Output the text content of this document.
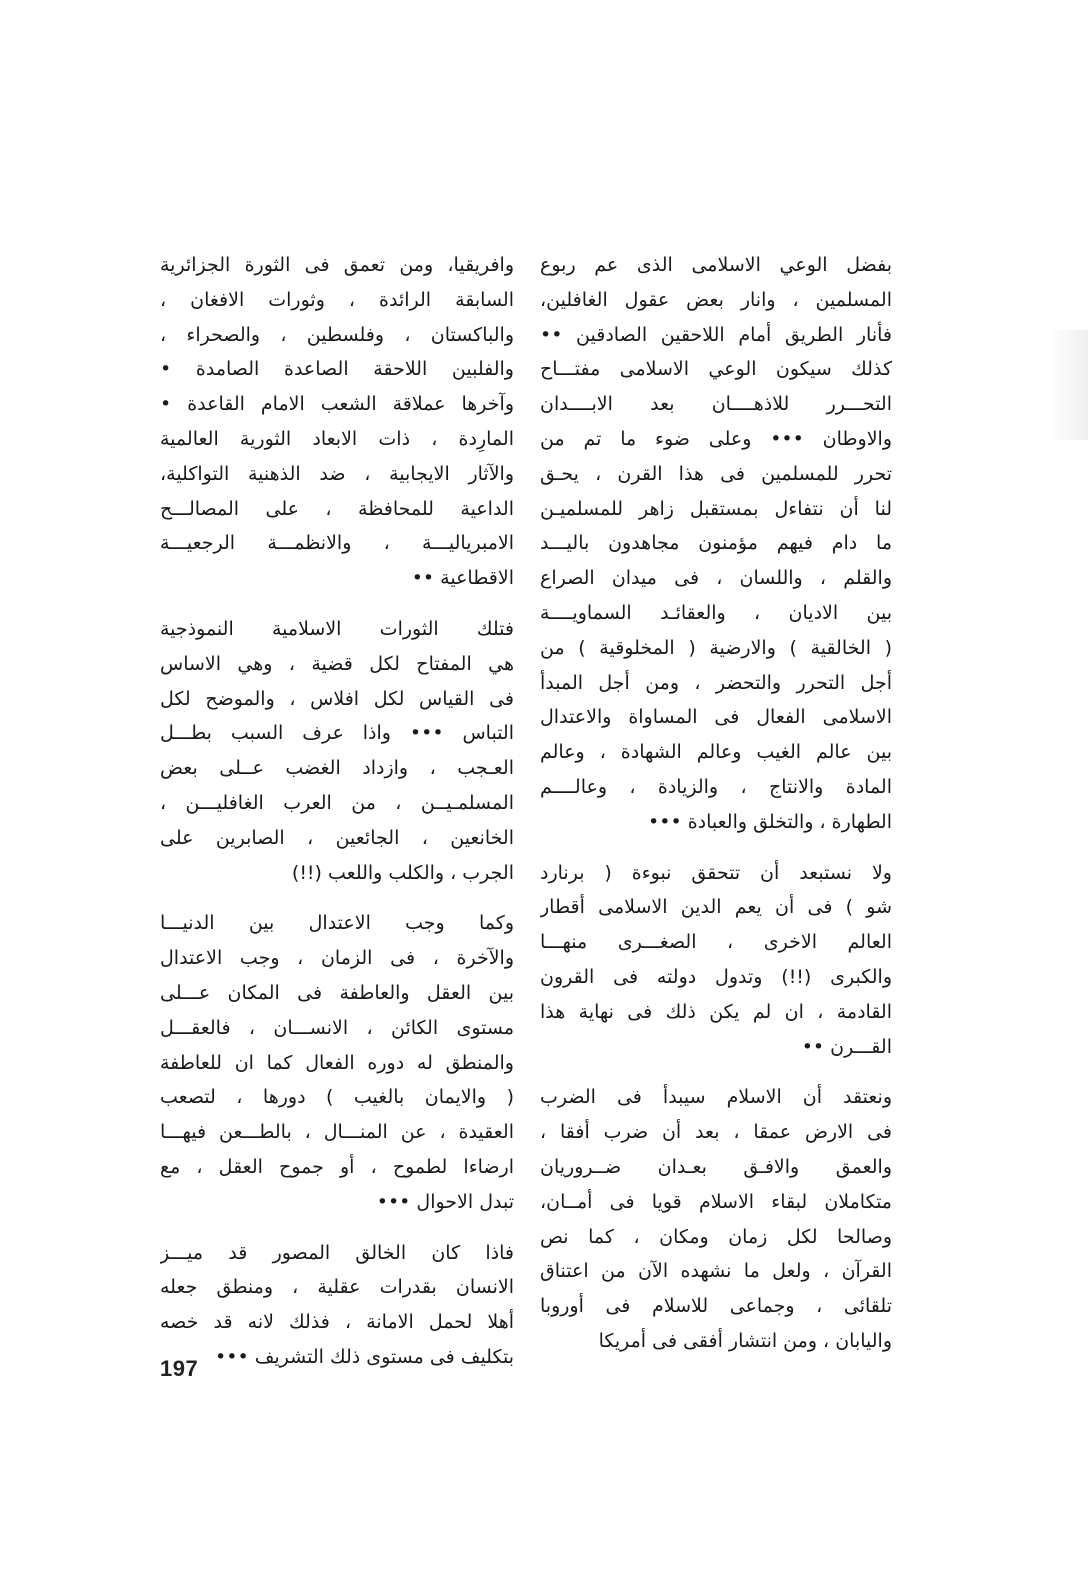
بفضل الوعي الاسلامى الذى عم ربوع
المسلمين ، وانار بعض عقول الغافلين،
فأنار الطريق أمام اللاحقين الصادقين ••
كذلك سيكون الوعي الاسلامى مفتـــاح
التحـــرر للاذهــــان بعد الابــــدان
والاوطان ••• وعلى ضوء ما تم من
تحرر للمسلمين فى هذا القرن ، يحـق
لنا أن نتفاءل بمستقبل زاهر للمسلميـن
ما دام فيهم مؤمنون مجاهدون باليـــد
والقلم ، واللسان ، فى ميدان الصراع
بين الاديان ، والعقائـد السماويــــة
( الخالقية ) والارضية ( المخلوقية ) من
أجل التحرر والتحضر ، ومن أجل المبدأ
الاسلامى الفعال فى المساواة والاعتدال
بين عالم الغيب وعالم الشهادة ، وعالم
المادة والانتاج ، والزيادة ، وعالــــم
الطهارة ، والتخلق والعبادة •••
ولا نستبعد أن تتحقق نبوءة ( برنارد
شو ) فى أن يعم الدين الاسلامى أقطار
العالم الاخرى ، الصغـــرى منهـــا
والكبرى (!!) وتدول دولته فى القرون
القادمة ، ان لم يكن ذلك فى نهاية هذا
القـــرن ••
ونعتقد أن الاسلام سيبدأ فى الضرب
فى الارض عمقا ، بعد أن ضرب أفقا ،
والعمق والافـق بعـدان ضــروريان
متكاملان لبقاء الاسلام قويا فى أمــان،
وصالحا لكل زمان ومكان ، كما نص
القرآن ، ولعل ما نشهده الآن من اعتناق
تلقائى ، وجماعى للاسلام فى أوروبا
واليابان ، ومن انتشار أفقى فى أمريكا
وافريقيا، ومن تعمق فى الثورة الجزائرية
السابقة الرائدة ، وثورات الافغان ،
والباكستان ، وفلسطين ، والصحراء ،
والفلبين اللاحقة الصاعدة الصامدة •
وآخرها عملاقة الشعب الامام القاعدة •
المارِدة ، ذات الابعاد الثورية العالمية
والآثار الايجابية ، ضد الذهنية التواكلية،
الداعية للمحافظة ، على المصالـــح
الامبرياليـــة ، والانظمـــة الرجعيـــة
الاقطاعية ••
فتلك الثورات الاسلامية النموذجية
هي المفتاح لكل قضية ، وهي الاساس
فى القياس لكل افلاس ، والموضح لكل
التباس ••• واذا عرف السبب بطـــل
العـجب ، وازداد الغضب عــلى بعض
المسلمـيــن ، من العرب الغافليـــن ،
الخانعين ، الجائعين ، الصابرين على
الجرب ، والكلب واللعب (!!)
وكما وجب الاعتدال بين الدنيـــا
والآخرة ، فى الزمان ، وجب الاعتدال
بين العقل والعاطفة فى المكان عـــلى
مستوى الكائن ، الانســـان ، فالعقـــل
والمنطق له دوره الفعال كما ان للعاطفة
( والايمان بالغيب ) دورها ، لتصعب
العقيدة ، عن المنـــال ، بالطـــعن فيهـــا
ارضاءا لطموح ، أو جموح العقل ، مع
تبدل الاحوال •••
فاذا كان الخالق المصور قد ميـــز
الانسان بقدرات عقلية ، ومنطق جعله
أهلا لحمل الامانة ، فذلك لانه قد خصه
بتكليف فى مستوى ذلك التشريف •••
197
